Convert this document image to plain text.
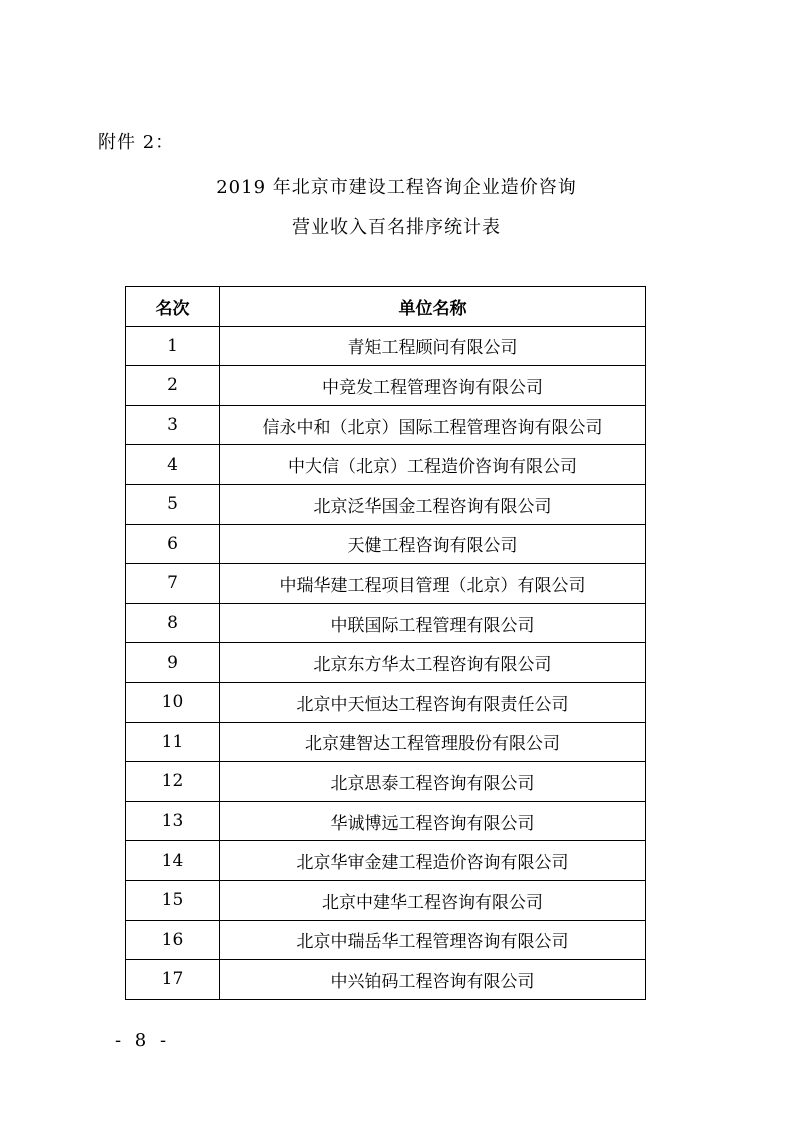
附件 2：
2019 年北京市建设工程咨询企业造价咨询
营业收入百名排序统计表
名次	单位名称
1	青矩工程顾问有限公司
2	中竞发工程管理咨询有限公司
3	信永中和（北京）国际工程管理咨询有限公司
4	中大信（北京）工程造价咨询有限公司
5	北京泛华国金工程咨询有限公司
6	天健工程咨询有限公司
7	中瑞华建工程项目管理（北京）有限公司
8	中联国际工程管理有限公司
9	北京东方华太工程咨询有限公司
10	北京中天恒达工程咨询有限责任公司
11	北京建智达工程管理股份有限公司
12	北京思泰工程咨询有限公司
13	华诚博远工程咨询有限公司
14	北京华审金建工程造价咨询有限公司
15	北京中建华工程咨询有限公司
16	北京中瑞岳华工程管理咨询有限公司
17	中兴铂码工程咨询有限公司
- 8 -
